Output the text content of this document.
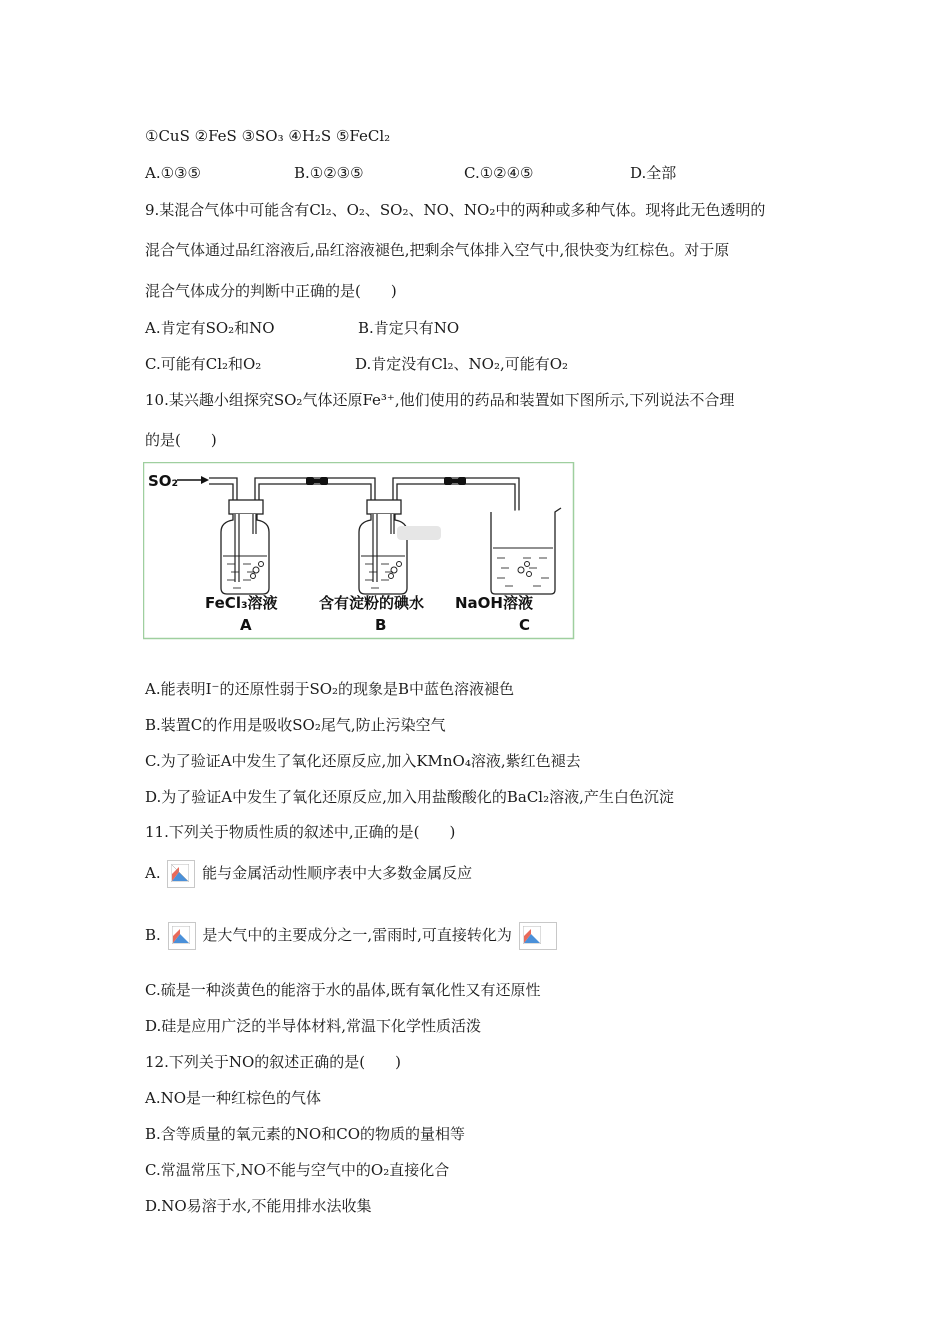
①CuS ②FeS ③SO₃ ④H₂S ⑤FeCl₂
A.①③⑤	B.①②③⑤	C.①②④⑤	D.全部
9.某混合气体中可能含有Cl₂、O₂、SO₂、NO、NO₂中的两种或多种气体。现将此无色透明的
混合气体通过品红溶液后,品红溶液褪色,把剩余气体排入空气中,很快变为红棕色。对于原
混合气体成分的判断中正确的是(　　)
A.肯定有SO₂和NO	B.肯定只有NO
C.可能有Cl₂和O₂	D.肯定没有Cl₂、NO₂,可能有O₂
10.某兴趣小组探究SO₂气体还原Fe³⁺,他们使用的药品和装置如下图所示,下列说法不合理
的是(　　)
SO₂
FeCl₃溶液
A
含有淀粉的碘水
B
NaOH溶液
C
A.能表明I⁻的还原性弱于SO₂的现象是B中蓝色溶液褪色
B.装置C的作用是吸收SO₂尾气,防止污染空气
C.为了验证A中发生了氧化还原反应,加入KMnO₄溶液,紫红色褪去
D.为了验证A中发生了氧化还原反应,加入用盐酸酸化的BaCl₂溶液,产生白色沉淀
11.下列关于物质性质的叙述中,正确的是(　　)
A.	能与金属活动性顺序表中大多数金属反应
B.	是大气中的主要成分之一,雷雨时,可直接转化为
C.硫是一种淡黄色的能溶于水的晶体,既有氧化性又有还原性
D.硅是应用广泛的半导体材料,常温下化学性质活泼
12.下列关于NO的叙述正确的是(　　)
A.NO是一种红棕色的气体
B.含等质量的氧元素的NO和CO的物质的量相等
C.常温常压下,NO不能与空气中的O₂直接化合
D.NO易溶于水,不能用排水法收集
